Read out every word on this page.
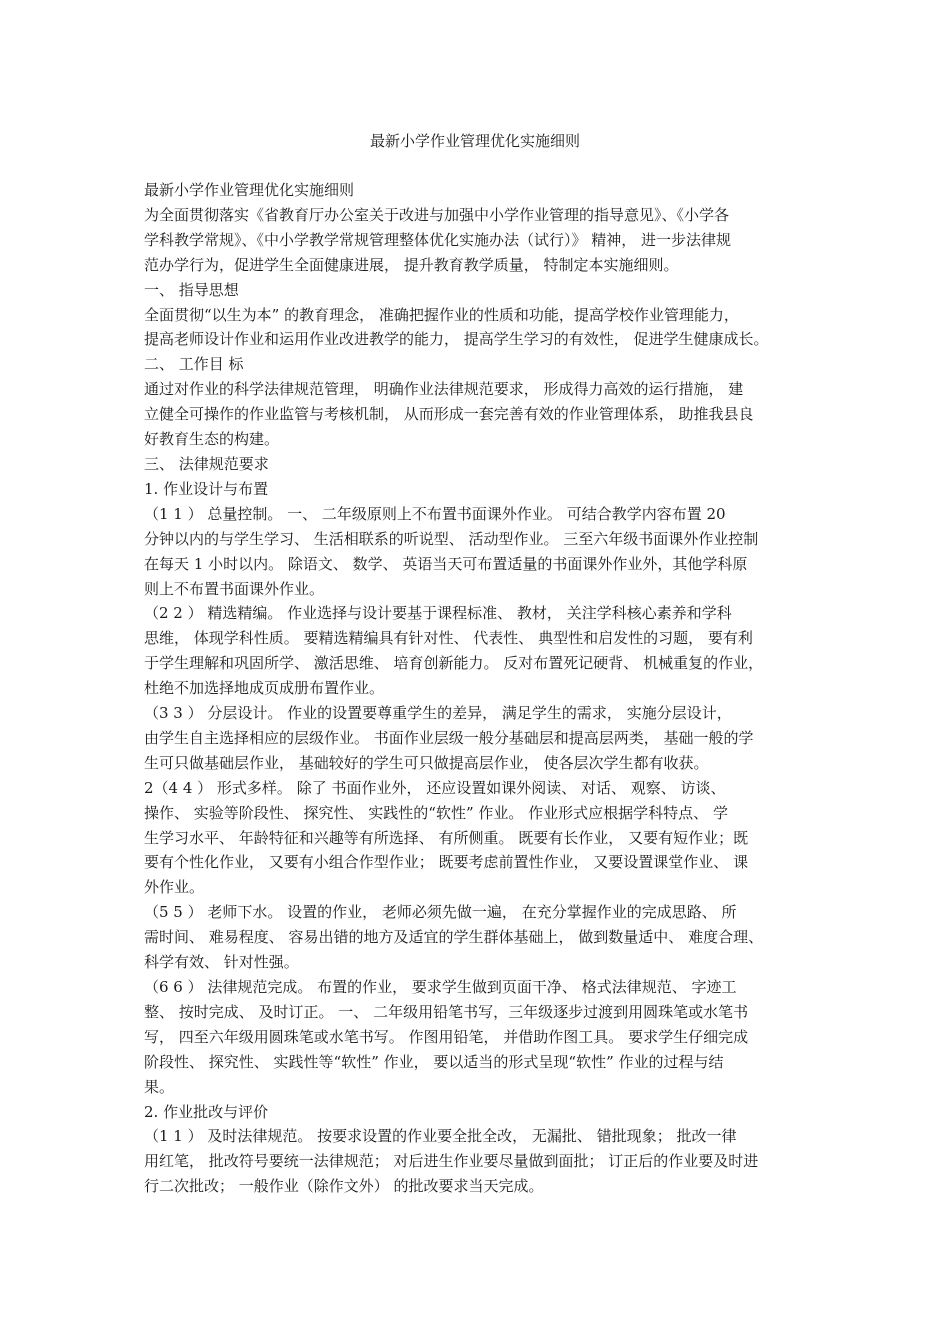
最新小学作业管理优化实施细则

最新小学作业管理优化实施细则

为全面贯彻落实《省教育厅办公室关于改进与加强中小学作业管理的指导意见》、《小学各
学科教学常规》、《中小学教学常规管理整体优化实施办法（试行）》 精神， 进一步法律规
范办学行为，促进学生全面健康进展， 提升教育教学质量， 特制定本实施细则。

一、 指导思想

全面贯彻“以生为本” 的教育理念， 准确把握作业的性质和功能，提高学校作业管理能力，
提高老师设计作业和运用作业改进教学的能力， 提高学生学习的有效性， 促进学生健康成长。

二、 工作目 标

通过对作业的科学法律规范管理， 明确作业法律规范要求， 形成得力高效的运行措施， 建
立健全可操作的作业监管与考核机制， 从而形成一套完善有效的作业管理体系， 助推我县良
好教育生态的构建。

三、 法律规范要求

1. 作业设计与布置

（1 1 ） 总量控制。 一、 二年级原则上不布置书面课外作业。 可结合教学内容布置 20
分钟以内的与学生学习、 生活相联系的听说型、 活动型作业。 三至六年级书面课外作业控制
在每天 1 小时以内。 除语文、 数学、 英语当天可布置适量的书面课外作业外，其他学科原
则上不布置书面课外作业。

（2 2 ） 精选精编。 作业选择与设计要基于课程标准、 教材， 关注学科核心素养和学科
思维， 体现学科性质。 要精选精编具有针对性、 代表性、 典型性和启发性的习题， 要有利
于学生理解和巩固所学、 激活思维、 培育创新能力。 反对布置死记硬背、 机械重复的作业，
杜绝不加选择地成页成册布置作业。

（3 3 ） 分层设计。 作业的设置要尊重学生的差异， 满足学生的需求， 实施分层设计，
由学生自主选择相应的层级作业。 书面作业层级一般分基础层和提高层两类， 基础一般的学
生可只做基础层作业， 基础较好的学生可只做提高层作业， 使各层次学生都有收获。

2（4 4 ） 形式多样。 除了 书面作业外， 还应设置如课外阅读、 对话、 观察、 访谈、
操作、 实验等阶段性、 探究性、 实践性的“软性” 作业。 作业形式应根据学科特点、 学
生学习水平、 年龄特征和兴趣等有所选择、 有所侧重。 既要有长作业， 又要有短作业；既
要有个性化作业， 又要有小组合作型作业； 既要考虑前置性作业， 又要设置课堂作业、 课
外作业。

（5 5 ） 老师下水。 设置的作业， 老师必须先做一遍， 在充分掌握作业的完成思路、 所
需时间、 难易程度、 容易出错的地方及适宜的学生群体基础上， 做到数量适中、 难度合理、
科学有效、 针对性强。

（6 6 ） 法律规范完成。 布置的作业， 要求学生做到页面干净、 格式法律规范、 字迹工
整、 按时完成、 及时订正。 一、 二年级用铅笔书写，三年级逐步过渡到用圆珠笔或水笔书
写， 四至六年级用圆珠笔或水笔书写。 作图用铅笔， 并借助作图工具。 要求学生仔细完成
阶段性、 探究性、 实践性等“软性” 作业， 要以适当的形式呈现“软性” 作业的过程与结
果。

2. 作业批改与评价

（1 1 ） 及时法律规范。 按要求设置的作业要全批全改， 无漏批、 错批现象； 批改一律
用红笔， 批改符号要统一法律规范； 对后进生作业要尽量做到面批； 订正后的作业要及时进
行二次批改； 一般作业（除作文外） 的批改要求当天完成。
